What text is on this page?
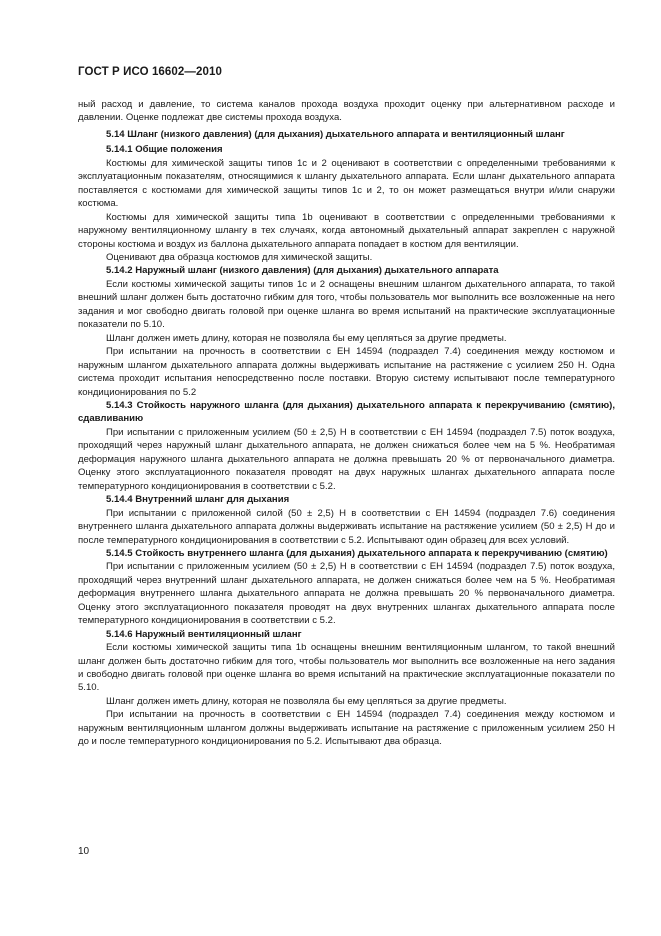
ГОСТ Р ИСО 16602—2010

ный расход и давление, то система каналов прохода воздуха проходит оценку при альтернативном расходе и давлении. Оценке подлежат две системы прохода воздуха.

5.14 Шланг (низкого давления) (для дыхания) дыхательного аппарата и вентиляционный шланг

5.14.1 Общие положения

Костюмы для химической защиты типов 1с и 2 оценивают в соответствии с определенными требованиями к эксплуатационным показателям, относящимися к шлангу дыхательного аппарата. Если шланг дыхательного аппарата поставляется с костюмами для химической защиты типов 1с и 2, то он может размещаться внутри и/или снаружи костюма.

Костюмы для химической защиты типа 1b оценивают в соответствии с определенными требованиями к наружному вентиляционному шлангу в тех случаях, когда автономный дыхательный аппарат закреплен с наружной стороны костюма и воздух из баллона дыхательного аппарата попадает в костюм для вентиляции.

Оценивают два образца костюмов для химической защиты.

5.14.2 Наружный шланг (низкого давления) (для дыхания) дыхательного аппарата

Если костюмы химической защиты типов 1с и 2 оснащены внешним шлангом дыхательного аппарата, то такой внешний шланг должен быть достаточно гибким для того, чтобы пользователь мог выполнить все возложенные на него задания и мог свободно двигать головой при оценке шланга во время испытаний на практические эксплуатационные показатели по 5.10.

Шланг должен иметь длину, которая не позволяла бы ему цепляться за другие предметы.

При испытании на прочность в соответствии с ЕН 14594 (подраздел 7.4) соединения между костюмом и наружным шлангом дыхательного аппарата должны выдерживать испытание на растяжение с усилием 250 Н. Одна система проходит испытания непосредственно после поставки. Вторую систему испытывают после температурного кондиционирования по 5.2

5.14.3 Стойкость наружного шланга (для дыхания) дыхательного аппарата к перекручиванию (смятию), сдавливанию

При испытании с приложенным усилием (50 ± 2,5) Н в соответствии с ЕН 14594 (подраздел 7.5) поток воздуха, проходящий через наружный шланг дыхательного аппарата, не должен снижаться более чем на 5 %. Необратимая деформация наружного шланга дыхательного аппарата не должна превышать 20 % от первоначального диаметра. Оценку этого эксплуатационного показателя проводят на двух наружных шлангах дыхательного аппарата после температурного кондиционирования в соответствии с 5.2.

5.14.4 Внутренний шланг для дыхания

При испытании с приложенной силой (50 ± 2,5) Н в соответствии с ЕН 14594 (подраздел 7.6) соединения внутреннего шланга дыхательного аппарата должны выдерживать испытание на растяжение усилием (50 ± 2,5) Н до и после температурного кондиционирования в соответствии с 5.2. Испытывают один образец для всех условий.

5.14.5 Стойкость внутреннего шланга (для дыхания) дыхательного аппарата к перекручиванию (смятию)

При испытании с приложенным усилием (50 ± 2,5) Н в соответствии с ЕН 14594 (подраздел 7.5) поток воздуха, проходящий через внутренний шланг дыхательного аппарата, не должен снижаться более чем на 5 %. Необратимая деформация внутреннего шланга дыхательного аппарата не должна превышать 20 % первоначального диаметра. Оценку этого эксплуатационного показателя проводят на двух внутренних шлангах дыхательного аппарата после температурного кондиционирования в соответствии с 5.2.

5.14.6 Наружный вентиляционный шланг

Если костюмы химической защиты типа 1b оснащены внешним вентиляционным шлангом, то такой внешний шланг должен быть достаточно гибким для того, чтобы пользователь мог выполнить все возложенные на него задания и свободно двигать головой при оценке шланга во время испытаний на практические эксплуатационные показатели по 5.10.

Шланг должен иметь длину, которая не позволяла бы ему цепляться за другие предметы.

При испытании на прочность в соответствии с ЕН 14594 (подраздел 7.4) соединения между костюмом и наружным вентиляционным шлангом должны выдерживать испытание на растяжение с приложенным усилием 250 Н до и после температурного кондиционирования по 5.2. Испытывают два образца.

10
